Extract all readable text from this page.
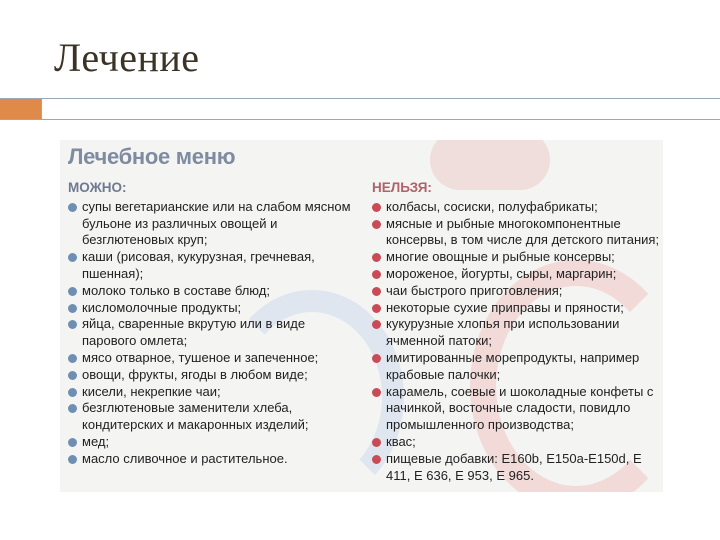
Лечение
Лечебное меню
МОЖНО:
супы вегетарианские или на слабом мясном бульоне из различных овощей и безглютеновых круп;
каши (рисовая, кукурузная, гречневая, пшенная);
молоко только в составе блюд;
кисломолочные продукты;
яйца, сваренные вкрутую или в виде парового омлета;
мясо отварное, тушеное и запеченное;
овощи, фрукты, ягоды в любом виде;
кисели, некрепкие чаи;
безглютеновые заменители хлеба, кондитерских и макаронных изделий;
мед;
масло сливочное и растительное.
НЕЛЬЗЯ:
колбасы, сосиски, полуфабрикаты;
мясные и рыбные многокомпонентные консервы, в том числе для детского питания;
многие овощные и рыбные консервы;
мороженое, йогурты, сыры, маргарин;
чаи быстрого приготовления;
некоторые сухие приправы и пряности;
кукурузные хлопья при использовании ячменной патоки;
имитированные морепродукты, например крабовые палочки;
карамель, соевые и шоколадные конфеты с начинкой, восточные сладости, повидло промышленного производства;
квас;
пищевые добавки: Е160b, Е150a-Е150d, Е 411, Е 636, Е 953, Е 965.
